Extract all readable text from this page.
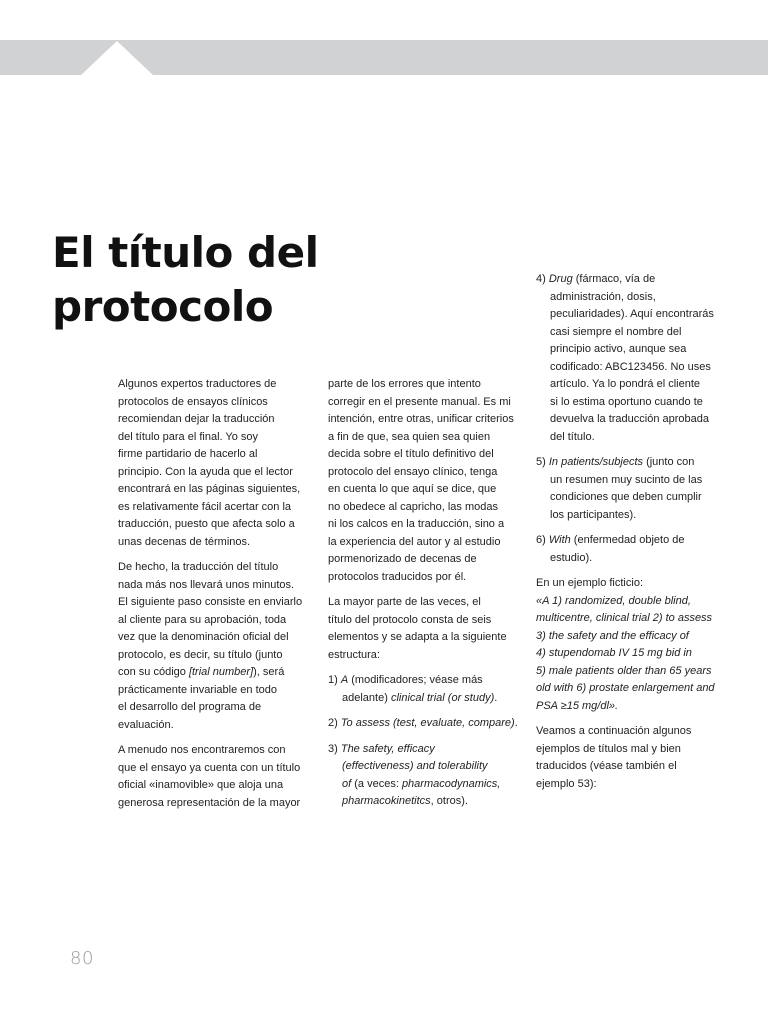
El título del
protocolo

Algunos expertos traductores de
protocolos de ensayos clínicos
recomiendan dejar la traducción
del título para el final. Yo soy
firme partidario de hacerlo al
principio. Con la ayuda que el lector
encontrará en las páginas siguientes,
es relativamente fácil acertar con la
traducción, puesto que afecta solo a
unas decenas de términos.

De hecho, la traducción del título
nada más nos llevará unos minutos.
El siguiente paso consiste en enviarlo
al cliente para su aprobación, toda
vez que la denominación oficial del
protocolo, es decir, su título (junto
con su código [trial number]), será
prácticamente invariable en todo
el desarrollo del programa de
evaluación.

A menudo nos encontraremos con
que el ensayo ya cuenta con un título
oficial «inamovible» que aloja una
generosa representación de la mayor

parte de los errores que intento
corregir en el presente manual. Es mi
intención, entre otras, unificar criterios
a fin de que, sea quien sea quien
decida sobre el título definitivo del
protocolo del ensayo clínico, tenga
en cuenta lo que aquí se dice, que
no obedece al capricho, las modas
ni los calcos en la traducción, sino a
la experiencia del autor y al estudio
pormenorizado de decenas de
protocolos traducidos por él.

La mayor parte de las veces, el
título del protocolo consta de seis
elementos y se adapta a la siguiente
estructura:

1) A (modificadores; véase más
adelante) clinical trial (or study).
2) To assess (test, evaluate, compare).
3) The safety, efficacy
(effectiveness) and tolerability
of (a veces: pharmacodynamics,
pharmacokinetitcs, otros).
4) Drug (fármaco, vía de
administración, dosis,
peculiaridades). Aquí encontrarás
casi siempre el nombre del
principio activo, aunque sea
codificado: ABC123456. No uses
artículo. Ya lo pondrá el cliente
si lo estima oportuno cuando te
devuelva la traducción aprobada
del título.
5) In patients/subjects (junto con
un resumen muy sucinto de las
condiciones que deben cumplir
los participantes).
6) With (enfermedad objeto de
estudio).

En un ejemplo ficticio:
«A 1) randomized, double blind,
multicentre, clinical trial 2) to assess
3) the safety and the efficacy of
4) stupendomab IV 15 mg bid in
5) male patients older than 65 years
old with 6) prostate enlargement and
PSA ≥15 mg/dl».

Veamos a continuación algunos
ejemplos de títulos mal y bien
traducidos (véase también el
ejemplo 53):

80
